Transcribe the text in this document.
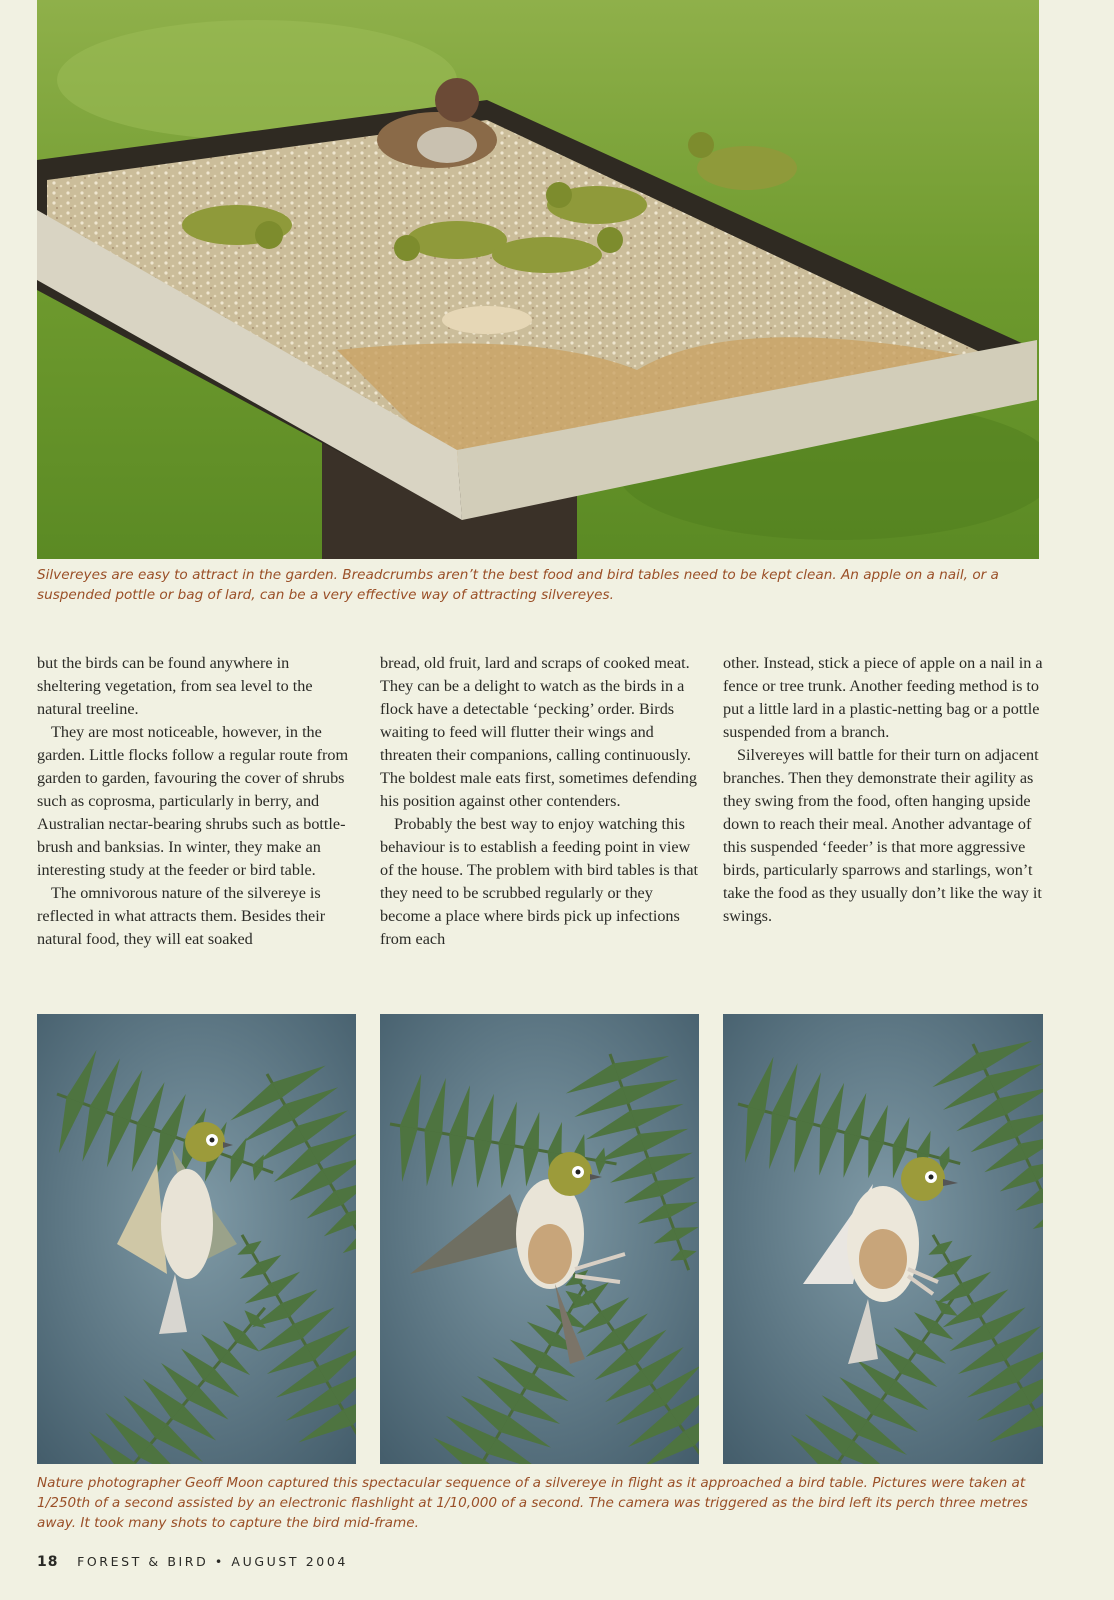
Silvereyes are easy to attract in the garden. Breadcrumbs aren’t the best food and bird tables need to be kept clean. An apple on a nail, or a suspended pottle or bag of lard, can be a very effective way of attracting silvereyes.

but the birds can be found anywhere in sheltering vegetation, from sea level to the natural treeline.

They are most noticeable, however, in the garden. Little flocks follow a regular route from garden to garden, favouring the cover of shrubs such as coprosma, particularly in berry, and Australian nectar-bearing shrubs such as bottle-brush and banksias. In winter, they make an interesting study at the feeder or bird table.

The omnivorous nature of the silvereye is reflected in what attracts them. Besides their natural food, they will eat soaked

bread, old fruit, lard and scraps of cooked meat. They can be a delight to watch as the birds in a flock have a detectable ‘pecking’ order. Birds waiting to feed will flutter their wings and threaten their companions, calling continuously. The boldest male eats first, sometimes defending his position against other contenders.

Probably the best way to enjoy watching this behaviour is to establish a feeding point in view of the house. The problem with bird tables is that they need to be scrubbed regularly or they become a place where birds pick up infections from each

other. Instead, stick a piece of apple on a nail in a fence or tree trunk. Another feeding method is to put a little lard in a plastic-netting bag or a pottle suspended from a branch.

Silvereyes will battle for their turn on adjacent branches. Then they demonstrate their agility as they swing from the food, often hanging upside down to reach their meal. Another advantage of this suspended ‘feeder’ is that more aggressive birds, particularly sparrows and starlings, won’t take the food as they usually don’t like the way it swings.

Nature photographer Geoff Moon captured this spectacular sequence of a silvereye in flight as it approached a bird table. Pictures were taken at 1/250th of a second assisted by an electronic flashlight at 1/10,000 of a second. The camera was triggered as the bird left its perch three metres away. It took many shots to capture the bird mid-frame.

18 FOREST & BIRD • AUGUST 2004
